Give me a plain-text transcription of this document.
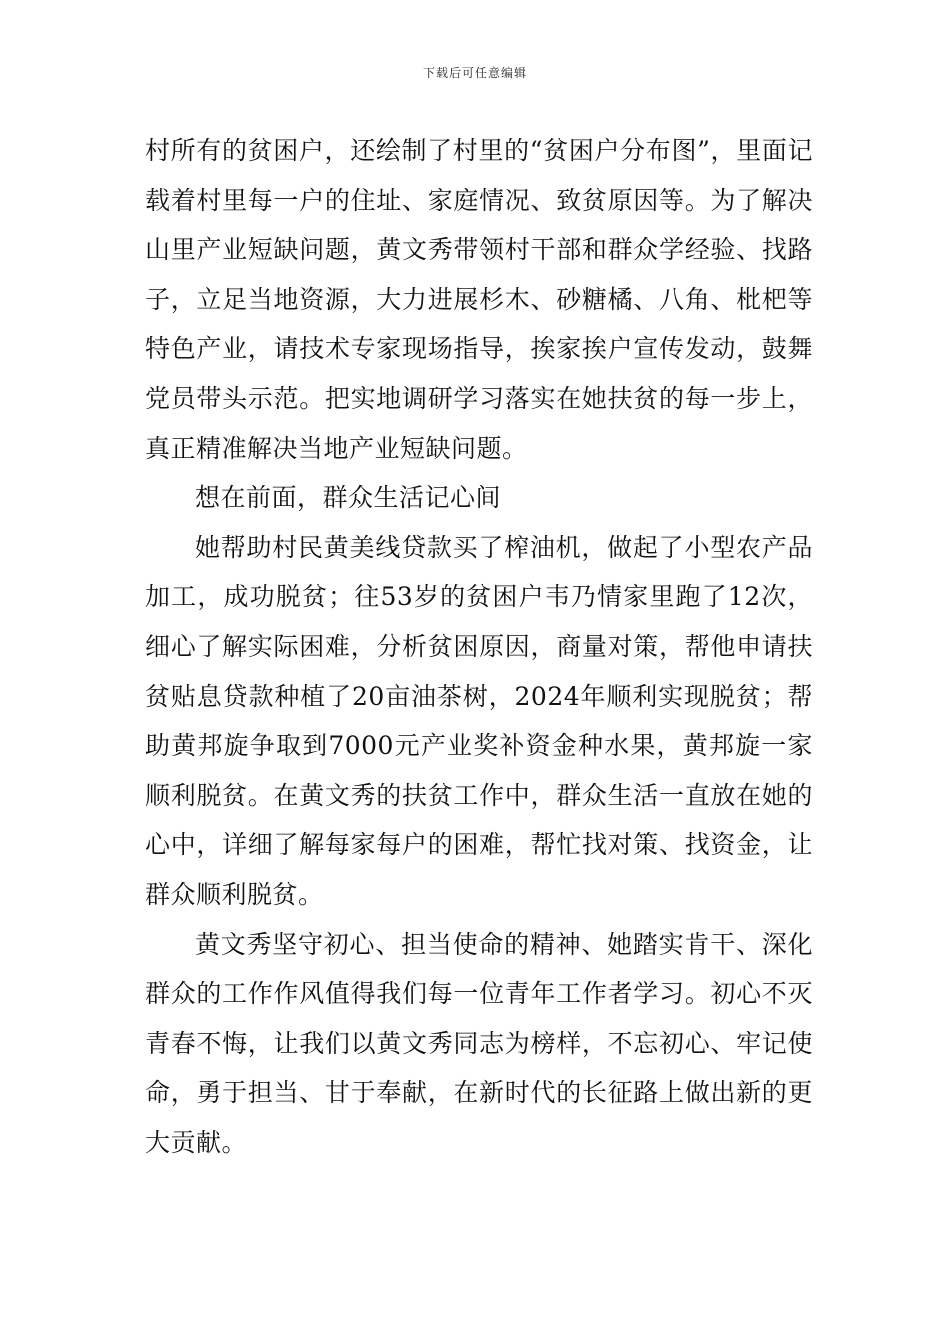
下载后可任意编辑

村所有的贫困户，还绘制了村里的“贫困户分布图”，里面记载着村里每一户的住址、家庭情况、致贫原因等。为了解决山里产业短缺问题，黄文秀带领村干部和群众学经验、找路子，立足当地资源，大力进展杉木、砂糖橘、八角、枇杷等特色产业，请技术专家现场指导，挨家挨户宣传发动，鼓舞党员带头示范。把实地调研学习落实在她扶贫的每一步上，真正精准解决当地产业短缺问题。

想在前面，群众生活记心间

她帮助村民黄美线贷款买了榨油机，做起了小型农产品加工，成功脱贫；往53岁的贫困户韦乃情家里跑了12次，细心了解实际困难，分析贫困原因，商量对策，帮他申请扶贫贴息贷款种植了20亩油茶树，2024年顺利实现脱贫；帮助黄邦旋争取到7000元产业奖补资金种水果，黄邦旋一家顺利脱贫。在黄文秀的扶贫工作中，群众生活一直放在她的心中，详细了解每家每户的困难，帮忙找对策、找资金，让群众顺利脱贫。

黄文秀坚守初心、担当使命的精神、她踏实肯干、深化群众的工作作风值得我们每一位青年工作者学习。初心不灭 青春不悔，让我们以黄文秀同志为榜样，不忘初心、牢记使命，勇于担当、甘于奉献，在新时代的长征路上做出新的更大贡献。
